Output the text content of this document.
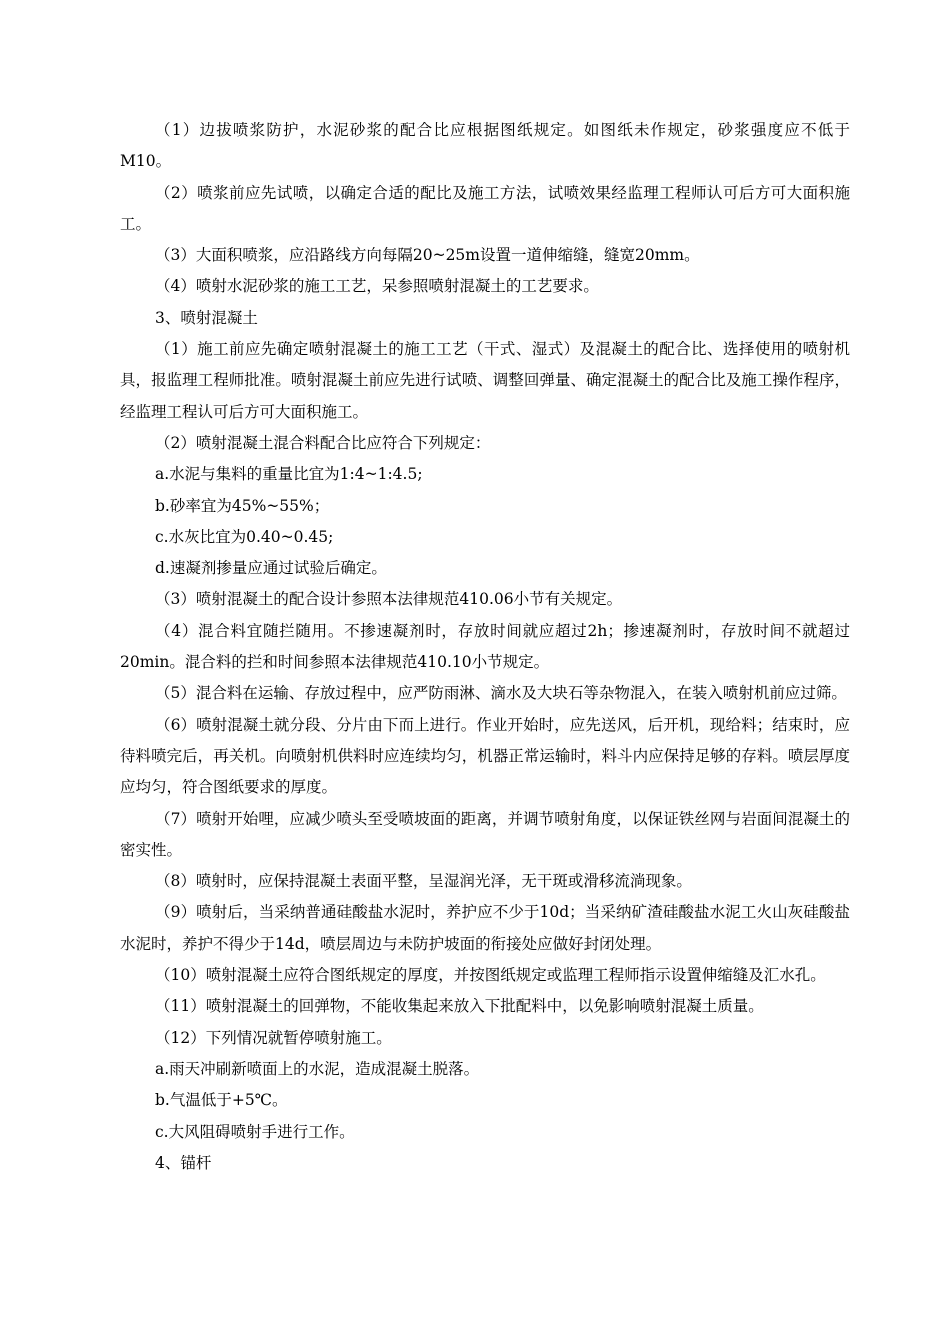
（1）边拔喷浆防护，水泥砂浆的配合比应根据图纸规定。如图纸未作规定，砂浆强度应不低于M10。

（2）喷浆前应先试喷，以确定合适的配比及施工方法，试喷效果经监理工程师认可后方可大面积施工。

（3）大面积喷浆，应沿路线方向每隔20~25m设置一道伸缩缝，缝宽20mm。

（4）喷射水泥砂浆的施工工艺，呆参照喷射混凝土的工艺要求。

3、喷射混凝土

（1）施工前应先确定喷射混凝土的施工工艺（干式、湿式）及混凝土的配合比、选择使用的喷射机具，报监理工程师批准。喷射混凝土前应先进行试喷、调整回弹量、确定混凝土的配合比及施工操作程序，经监理工程认可后方可大面积施工。

（2）喷射混凝土混合料配合比应符合下列规定：

a.水泥与集料的重量比宜为1:4~1:4.5;

b.砂率宜为45%~55%；

c.水灰比宜为0.40~0.45;

d.速凝剂掺量应通过试验后确定。

（3）喷射混凝土的配合设计参照本法律规范410.06小节有关规定。

（4）混合料宜随拦随用。不掺速凝剂时，存放时间就应超过2h；掺速凝剂时，存放时间不就超过20min。混合料的拦和时间参照本法律规范410.10小节规定。

（5）混合料在运输、存放过程中，应严防雨淋、滴水及大块石等杂物混入，在装入喷射机前应过筛。

（6）喷射混凝土就分段、分片由下而上进行。作业开始时，应先送风，后开机，现给料；结束时，应待料喷完后，再关机。向喷射机供料时应连续均匀，机器正常运输时，料斗内应保持足够的存料。喷层厚度应均匀，符合图纸要求的厚度。

（7）喷射开始哩，应减少喷头至受喷坡面的距离，并调节喷射角度，以保证铁丝网与岩面间混凝土的密实性。

（8）喷射时，应保持混凝土表面平整，呈湿润光泽，无干斑或滑移流淌现象。

（9）喷射后，当采纳普通硅酸盐水泥时，养护应不少于10d；当采纳矿渣硅酸盐水泥工火山灰硅酸盐水泥时，养护不得少于14d，喷层周边与未防护坡面的衔接处应做好封闭处理。

（10）喷射混凝土应符合图纸规定的厚度，并按图纸规定或监理工程师指示设置伸缩缝及汇水孔。

（11）喷射混凝土的回弹物，不能收集起来放入下批配料中，以免影响喷射混凝土质量。

（12）下列情况就暂停喷射施工。

a.雨天冲刷新喷面上的水泥，造成混凝土脱落。

b.气温低于+5℃。

c.大风阻碍喷射手进行工作。

4、锚杆
